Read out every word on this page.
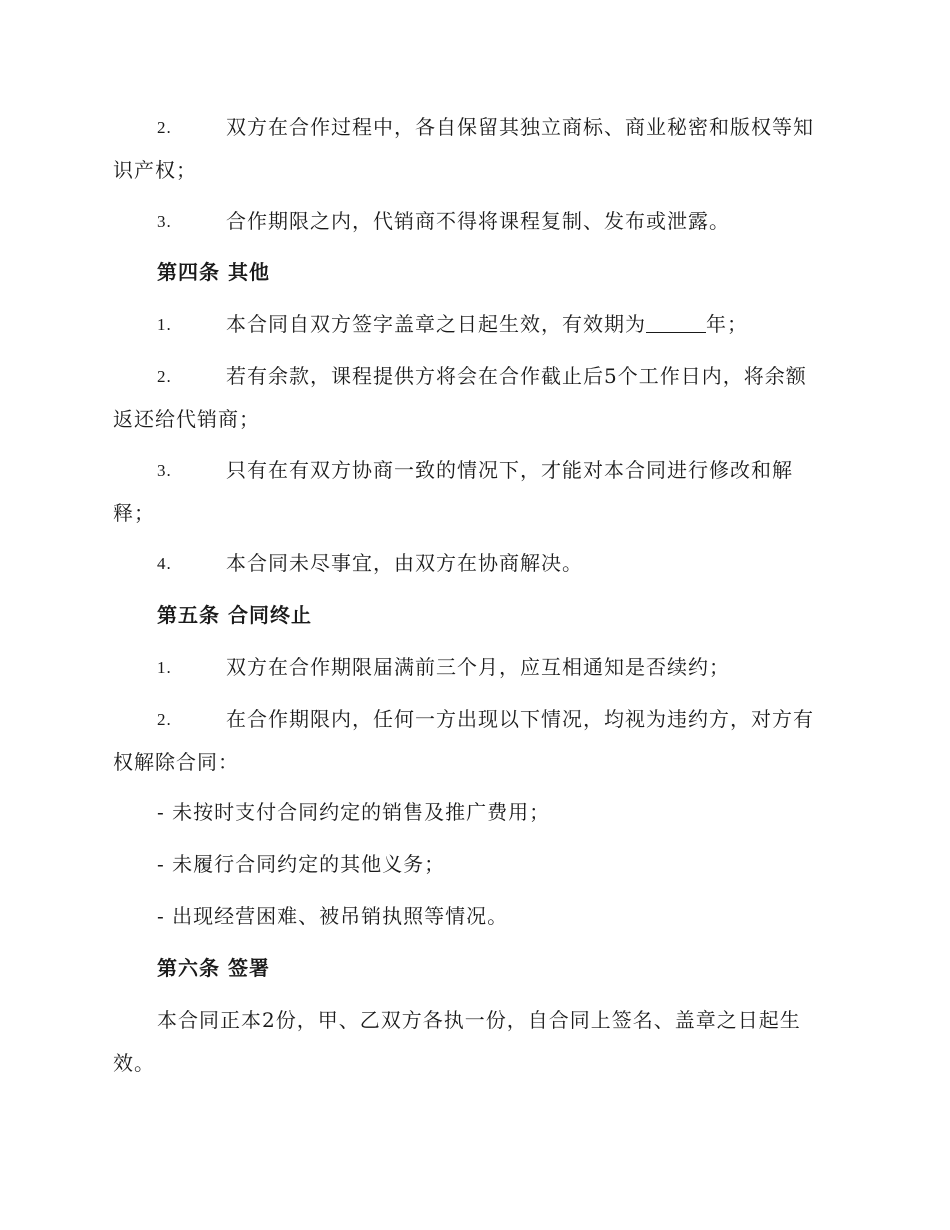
2.	双方在合作过程中，各自保留其独立商标、商业秘密和版权等知
识产权；
3.	合作期限之内，代销商不得将课程复制、发布或泄露。
第四条 其他
1.	本合同自双方签字盖章之日起生效，有效期为	年；
2.	若有余款，课程提供方将会在合作截止后5个工作日内，将余额
返还给代销商；
3.	只有在有双方协商一致的情况下，才能对本合同进行修改和解
释；
4.	本合同未尽事宜，由双方在协商解决。
第五条 合同终止
1.	双方在合作期限届满前三个月，应互相通知是否续约；
2.	在合作期限内，任何一方出现以下情况，均视为违约方，对方有
权解除合同：
- 未按时支付合同约定的销售及推广费用；
- 未履行合同约定的其他义务；
- 出现经营困难、被吊销执照等情况。
第六条 签署
本合同正本2份，甲、乙双方各执一份，自合同上签名、盖章之日起生
效。
